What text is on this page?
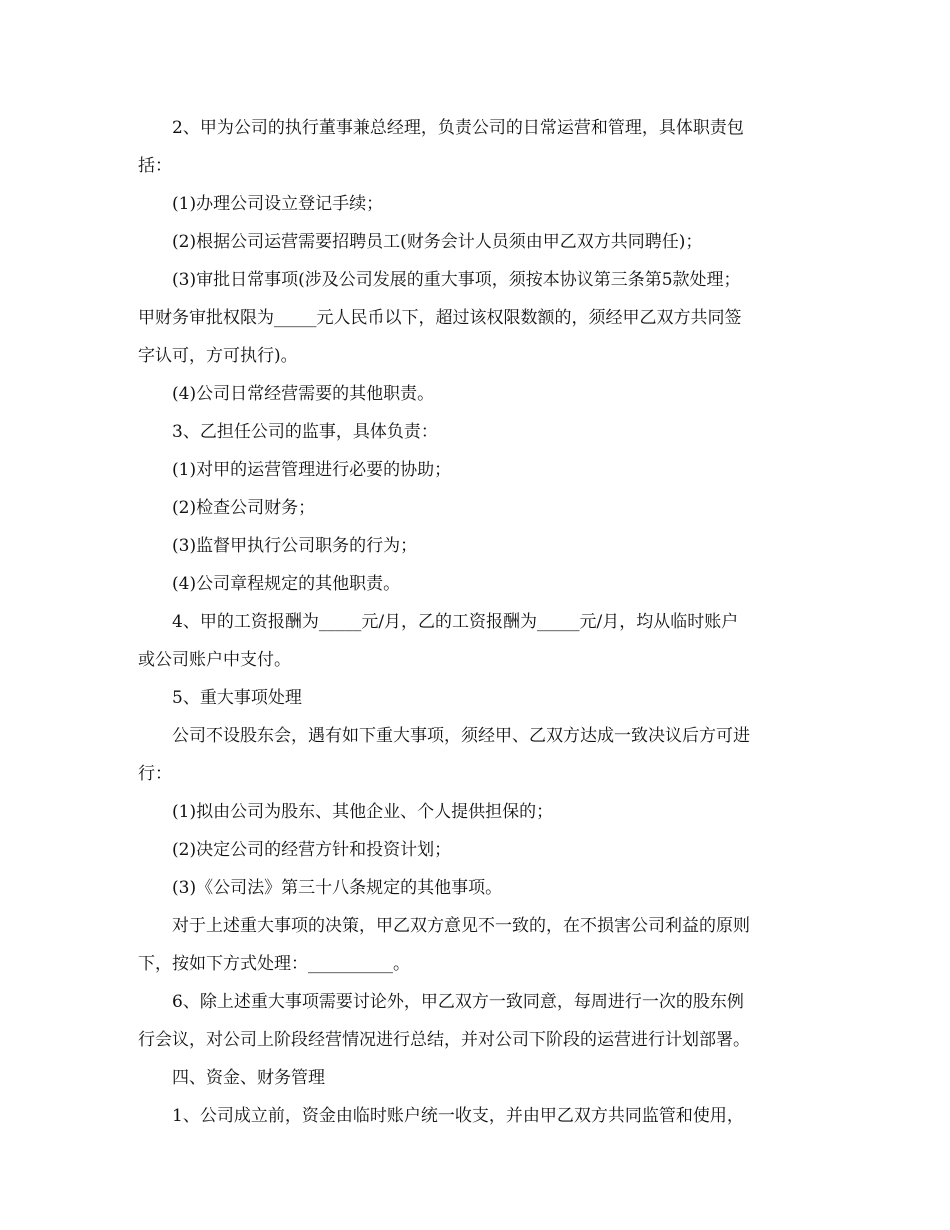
2、甲为公司的执行董事兼总经理，负责公司的日常运营和管理，具体职责包
括：
(1)办理公司设立登记手续；
(2)根据公司运营需要招聘员工(财务会计人员须由甲乙双方共同聘任)；
(3)审批日常事项(涉及公司发展的重大事项，须按本协议第三条第5款处理；
甲财务审批权限为_____元人民币以下，超过该权限数额的，须经甲乙双方共同签
字认可，方可执行)。
(4)公司日常经营需要的其他职责。
3、乙担任公司的监事，具体负责：
(1)对甲的运营管理进行必要的协助；
(2)检查公司财务；
(3)监督甲执行公司职务的行为；
(4)公司章程规定的其他职责。
4、甲的工资报酬为_____元/月，乙的工资报酬为_____元/月，均从临时账户
或公司账户中支付。
5、重大事项处理
公司不设股东会，遇有如下重大事项，须经甲、乙双方达成一致决议后方可进
行：
(1)拟由公司为股东、其他企业、个人提供担保的；
(2)决定公司的经营方针和投资计划；
(3)《公司法》第三十八条规定的其他事项。
对于上述重大事项的决策，甲乙双方意见不一致的，在不损害公司利益的原则
下，按如下方式处理：__________。
6、除上述重大事项需要讨论外，甲乙双方一致同意，每周进行一次的股东例
行会议，对公司上阶段经营情况进行总结，并对公司下阶段的运营进行计划部署。
四、资金、财务管理
1、公司成立前，资金由临时账户统一收支，并由甲乙双方共同监管和使用，
